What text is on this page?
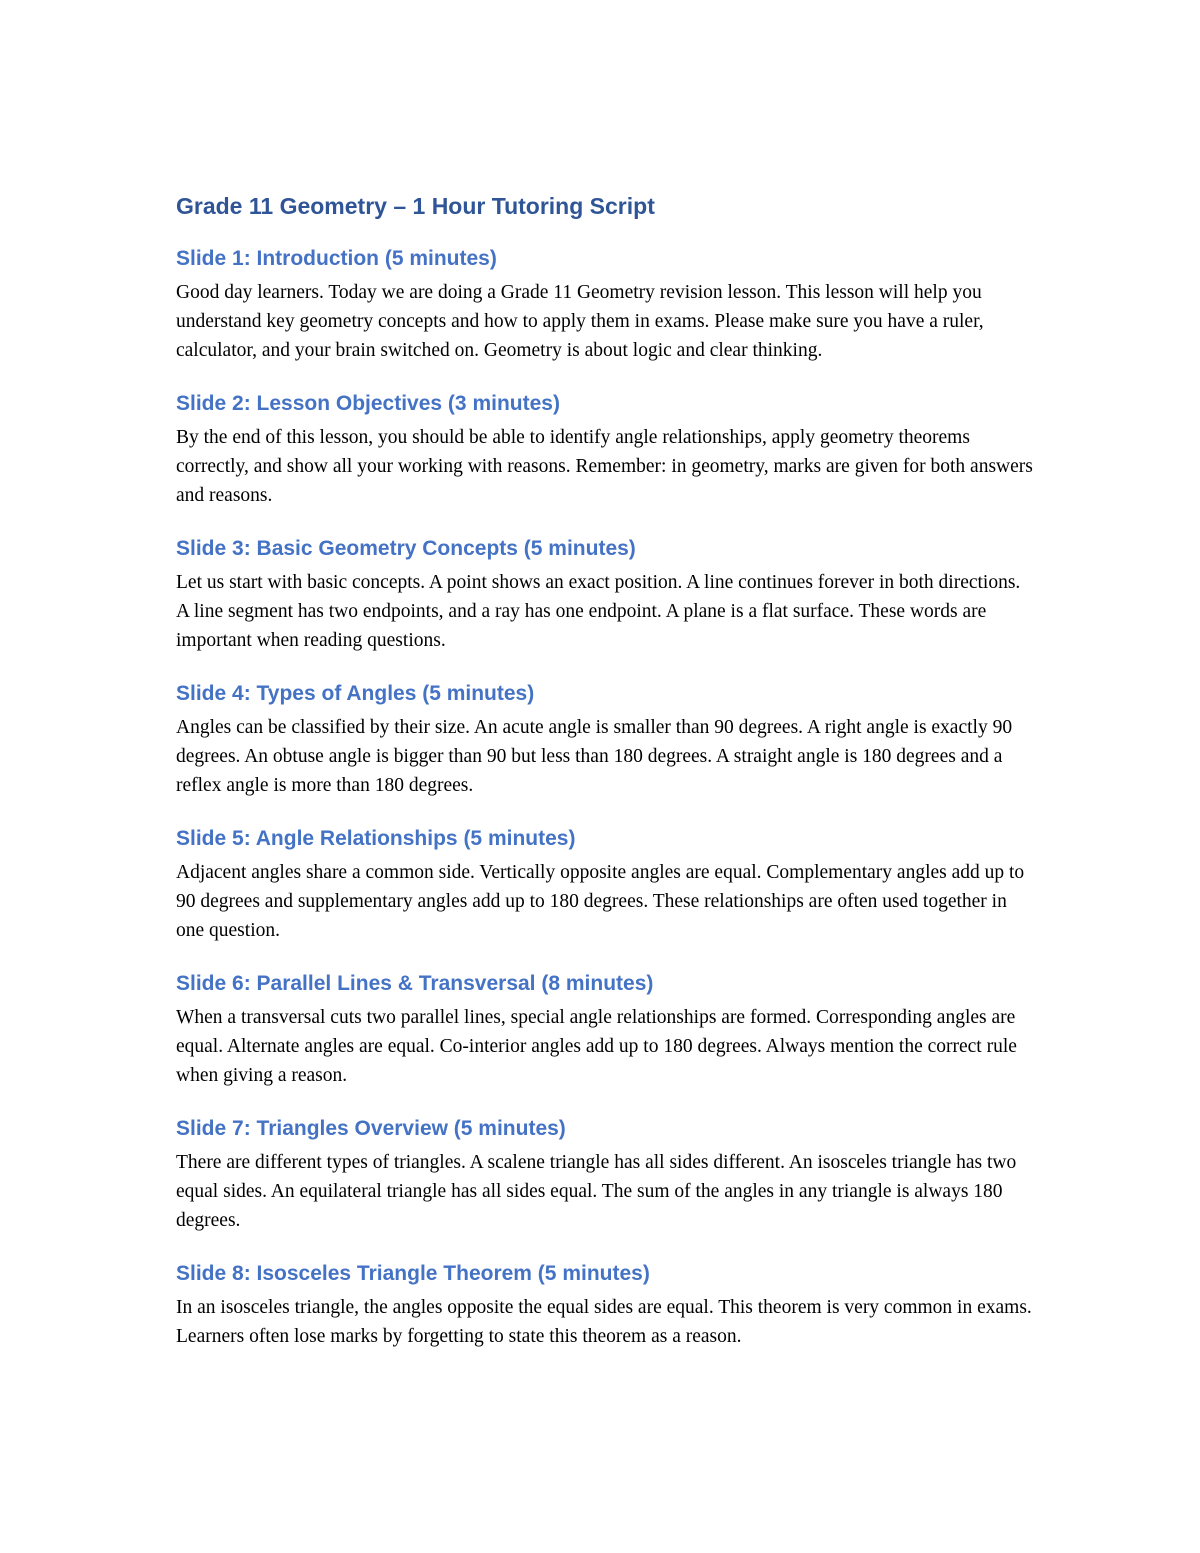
Grade 11 Geometry – 1 Hour Tutoring Script
Slide 1: Introduction (5 minutes)

Good day learners. Today we are doing a Grade 11 Geometry revision lesson. This lesson will help you understand key geometry concepts and how to apply them in exams. Please make sure you have a ruler, calculator, and your brain switched on. Geometry is about logic and clear thinking.

Slide 2: Lesson Objectives (3 minutes)

By the end of this lesson, you should be able to identify angle relationships, apply geometry theorems correctly, and show all your working with reasons. Remember: in geometry, marks are given for both answers and reasons.

Slide 3: Basic Geometry Concepts (5 minutes)

Let us start with basic concepts. A point shows an exact position. A line continues forever in both directions. A line segment has two endpoints, and a ray has one endpoint. A plane is a flat surface. These words are important when reading questions.

Slide 4: Types of Angles (5 minutes)

Angles can be classified by their size. An acute angle is smaller than 90 degrees. A right angle is exactly 90 degrees. An obtuse angle is bigger than 90 but less than 180 degrees. A straight angle is 180 degrees and a reflex angle is more than 180 degrees.

Slide 5: Angle Relationships (5 minutes)

Adjacent angles share a common side. Vertically opposite angles are equal. Complementary angles add up to 90 degrees and supplementary angles add up to 180 degrees. These relationships are often used together in one question.

Slide 6: Parallel Lines & Transversal (8 minutes)

When a transversal cuts two parallel lines, special angle relationships are formed. Corresponding angles are equal. Alternate angles are equal. Co-interior angles add up to 180 degrees. Always mention the correct rule when giving a reason.

Slide 7: Triangles Overview (5 minutes)

There are different types of triangles. A scalene triangle has all sides different. An isosceles triangle has two equal sides. An equilateral triangle has all sides equal. The sum of the angles in any triangle is always 180 degrees.

Slide 8: Isosceles Triangle Theorem (5 minutes)

In an isosceles triangle, the angles opposite the equal sides are equal. This theorem is very common in exams. Learners often lose marks by forgetting to state this theorem as a reason.
